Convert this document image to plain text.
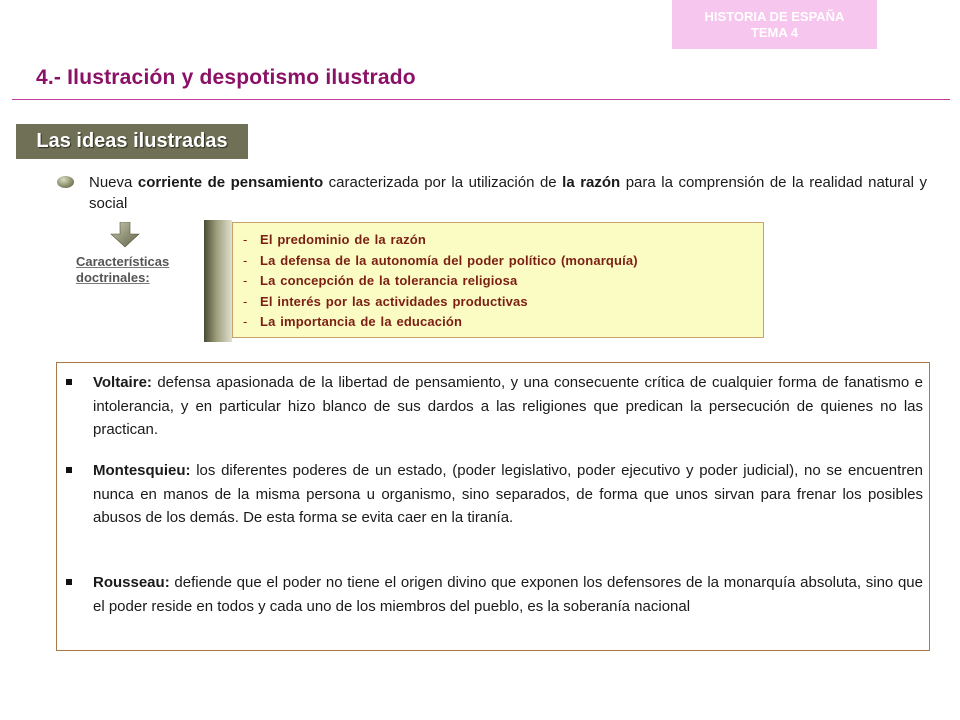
HISTORIA DE ESPAÑA
TEMA 4
4.- Ilustración y despotismo ilustrado
Las ideas ilustradas
Nueva corriente de pensamiento caracterizada por la utilización de la razón para la comprensión de la realidad natural y social
Características
doctrinales:
- El predominio de la razón
- La defensa de la autonomía del poder político (monarquía)
- La concepción de la tolerancia religiosa
- El interés por las actividades productivas
- La importancia de la educación
Voltaire: defensa apasionada de la libertad de pensamiento, y una consecuente crítica de cualquier forma de fanatismo e intolerancia, y en particular hizo blanco de sus dardos a las religiones que predican la persecución de quienes no las practican.
Montesquieu: los diferentes poderes de un estado, (poder legislativo, poder ejecutivo y poder judicial), no se encuentren nunca en manos de la misma persona u organismo, sino separados, de forma que unos sirvan para frenar los posibles abusos de los demás. De esta forma se evita caer en la tiranía.
Rousseau: defiende que el poder no tiene el origen divino que exponen los defensores de la monarquía absoluta, sino que el poder reside en todos y cada uno de los miembros del pueblo, es la soberanía nacional
